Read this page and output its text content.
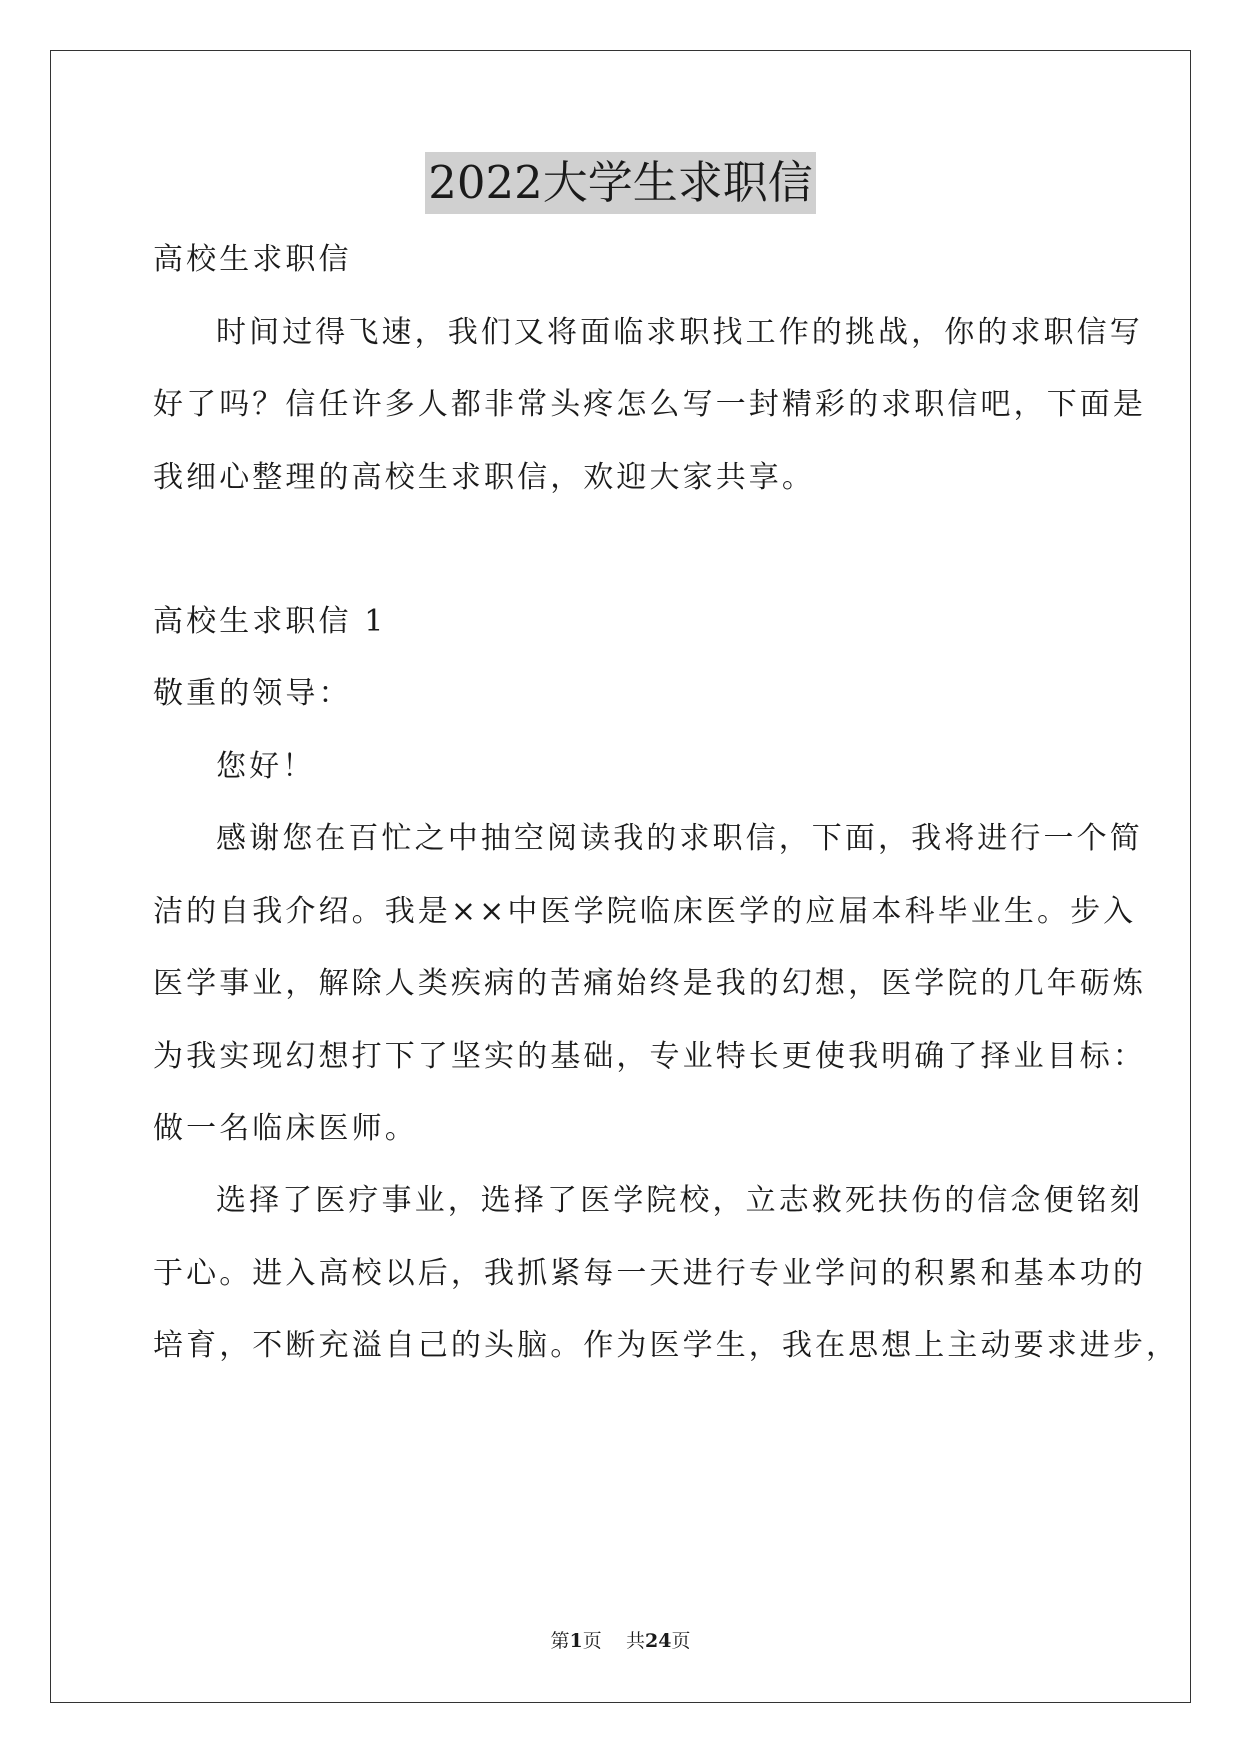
2022大学生求职信
高校生求职信
时间过得飞速，我们又将面临求职找工作的挑战，你的求职信写
好了吗？信任许多人都非常头疼怎么写一封精彩的求职信吧，下面是
我细心整理的高校生求职信，欢迎大家共享。
高校生求职信 1
敬重的领导：
您好！
感谢您在百忙之中抽空阅读我的求职信，下面，我将进行一个简
洁的自我介绍。我是××中医学院临床医学的应届本科毕业生。步入
医学事业，解除人类疾病的苦痛始终是我的幻想，医学院的几年砺炼
为我实现幻想打下了坚实的基础，专业特长更使我明确了择业目标：
做一名临床医师。
选择了医疗事业，选择了医学院校，立志救死扶伤的信念便铭刻
于心。进入高校以后，我抓紧每一天进行专业学问的积累和基本功的
培育，不断充溢自己的头脑。作为医学生，我在思想上主动要求进步，
第1页 共24页
